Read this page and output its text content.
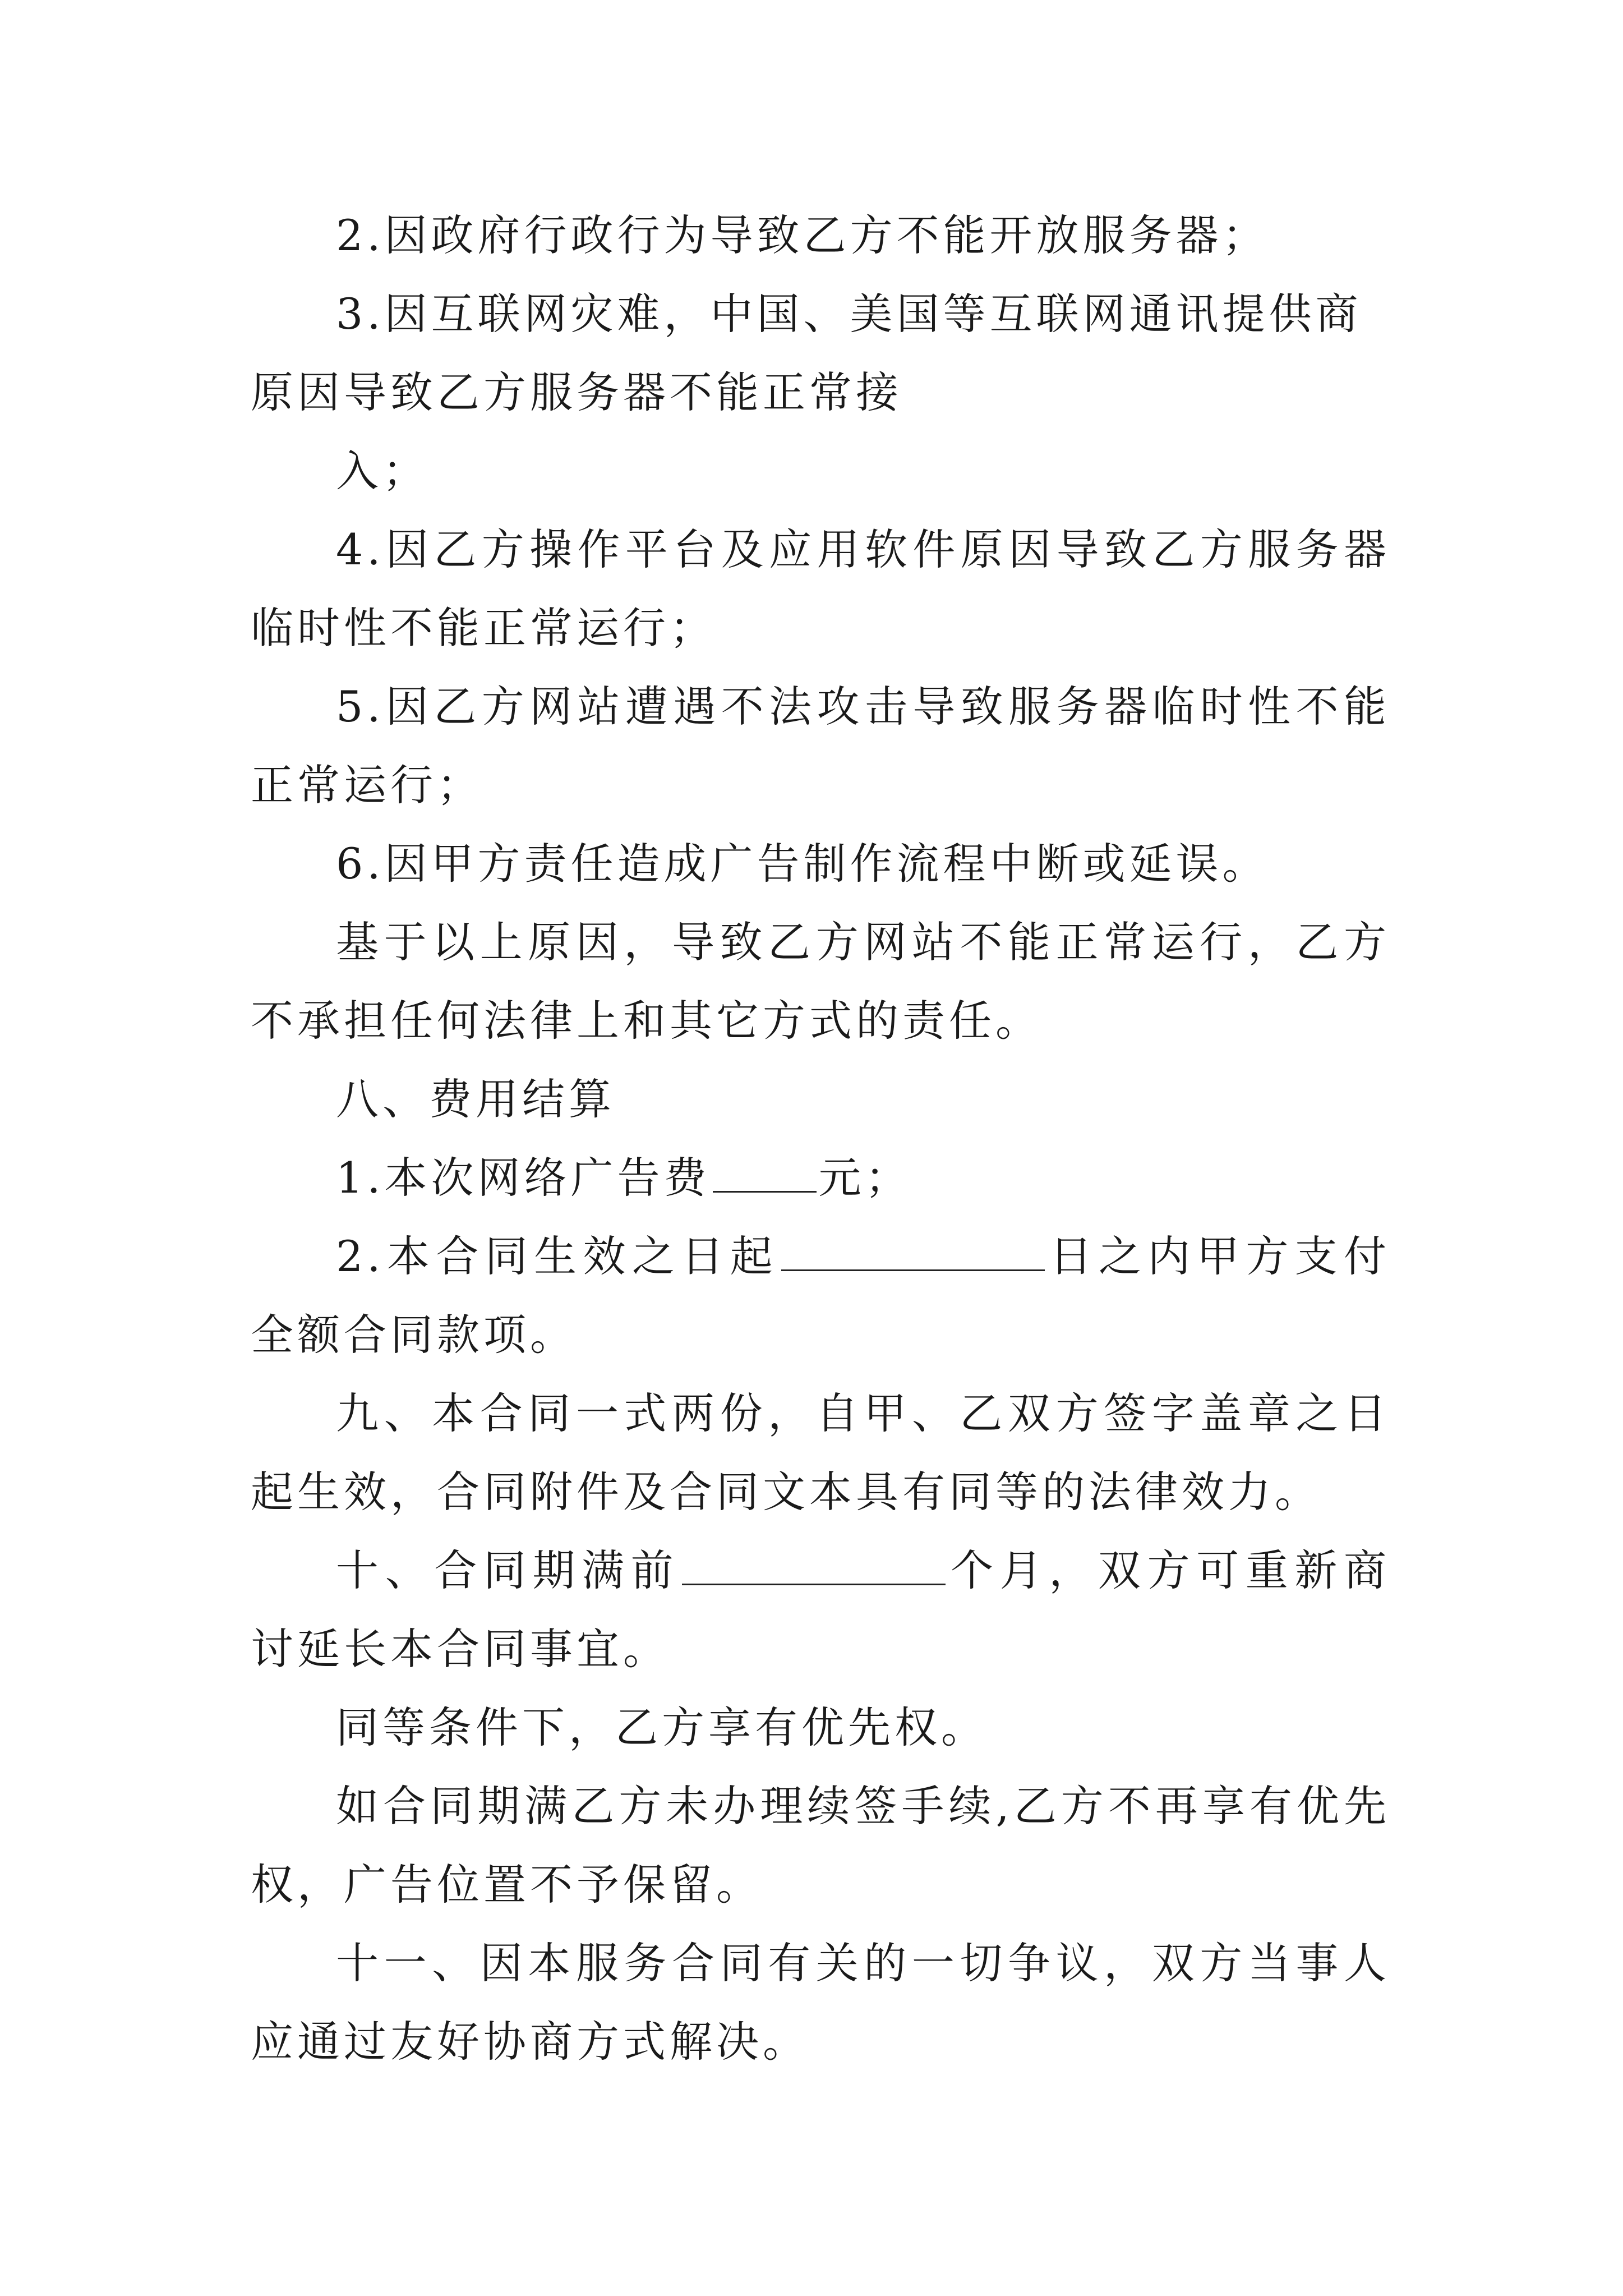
2.因政府行政行为导致乙方不能开放服务器；

3.因互联网灾难，中国、美国等互联网通讯提供商原因导致乙方服务器不能正常接

入；

4.因乙方操作平台及应用软件原因导致乙方服务器临时性不能正常运行；

5.因乙方网站遭遇不法攻击导致服务器临时性不能正常运行；

6.因甲方责任造成广告制作流程中断或延误。

基于以上原因，导致乙方网站不能正常运行，乙方不承担任何法律上和其它方式的责任。

八、费用结算

1.本次网络广告费	元；

2.本合同生效之日起	日之内甲方支付全额合同款项。

九、本合同一式两份，自甲、乙双方签字盖章之日起生效，合同附件及合同文本具有同等的法律效力。

十、合同期满前	个月，双方可重新商讨延长本合同事宜。

同等条件下，乙方享有优先权。

如合同期满乙方未办理续签手续,乙方不再享有优先权，广告位置不予保留。

十一、因本服务合同有关的一切争议，双方当事人应通过友好协商方式解决。
